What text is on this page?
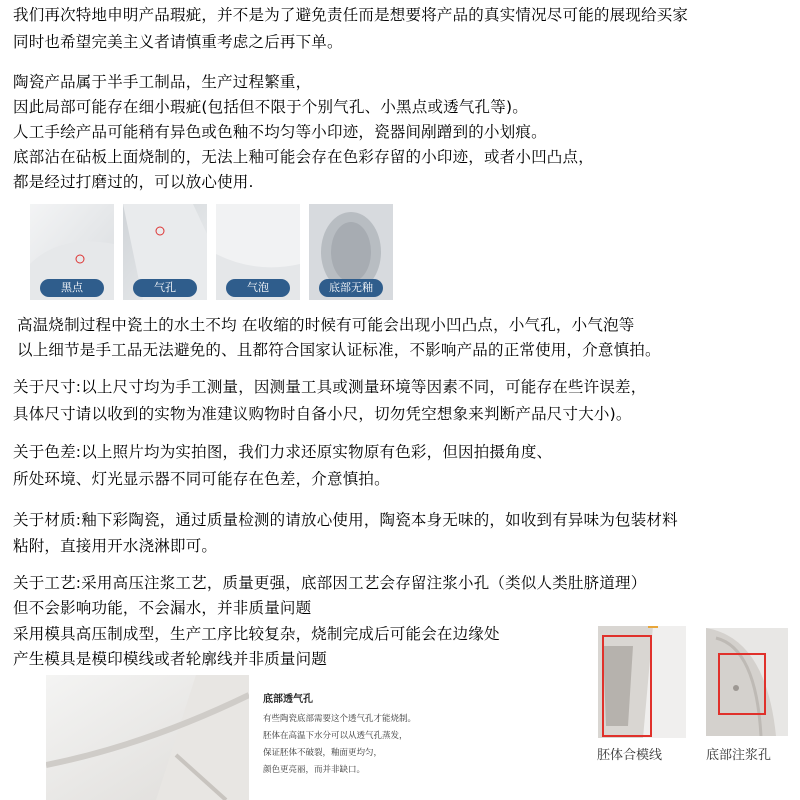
我们再次特地申明产品瑕疵，并不是为了避免责任而是想要将产品的真实情况尽可能的展现给买家
同时也希望完美主义者请慎重考虑之后再下单。
陶瓷产品属于半手工制品，生产过程繁重，
因此局部可能存在细小瑕疵(包括但不限于个别气孔、小黑点或透气孔等)。
人工手绘产品可能稍有异色或色釉不均匀等小印迹，瓷器间剐蹭到的小划痕。
底部沾在砧板上面烧制的，无法上釉可能会存在色彩存留的小印迹，或者小凹凸点，
都是经过打磨过的，可以放心使用.
黑点	气孔	气泡	底部无釉
高温烧制过程中瓷土的水土不均 在收缩的时候有可能会出现小凹凸点，小气孔，小气泡等
以上细节是手工品无法避免的、且都符合国家认证标准，不影响产品的正常使用，介意慎拍。
关于尺寸:以上尺寸均为手工测量，因测量工具或测量环境等因素不同，可能存在些许误差，
具体尺寸请以收到的实物为准建议购物时自备小尺，切勿凭空想象来判断产品尺寸大小)。
关于色差:以上照片均为实拍图，我们力求还原实物原有色彩，但因拍摄角度、
所处环境、灯光显示器不同可能存在色差，介意慎拍。
关于材质:釉下彩陶瓷，通过质量检测的请放心使用，陶瓷本身无味的，如收到有异味为包装材料
粘附，直接用开水浇淋即可。
关于工艺:采用高压注浆工艺，质量更强，底部因工艺会存留注浆小孔（类似人类肚脐道理）
但不会影响功能，不会漏水，并非质量问题
采用模具高压制成型，生产工序比较复杂，烧制完成后可能会在边缘处
产生模具是模印模线或者轮廓线并非质量问题
底部透气孔
有些陶瓷底部需要这个透气孔才能烧制。
胚体在高温下水分可以从透气孔蒸发，
保证胚体不破裂，釉面更均匀，
颜色更亮丽，而并非缺口。
胚体合模线	底部注浆孔
